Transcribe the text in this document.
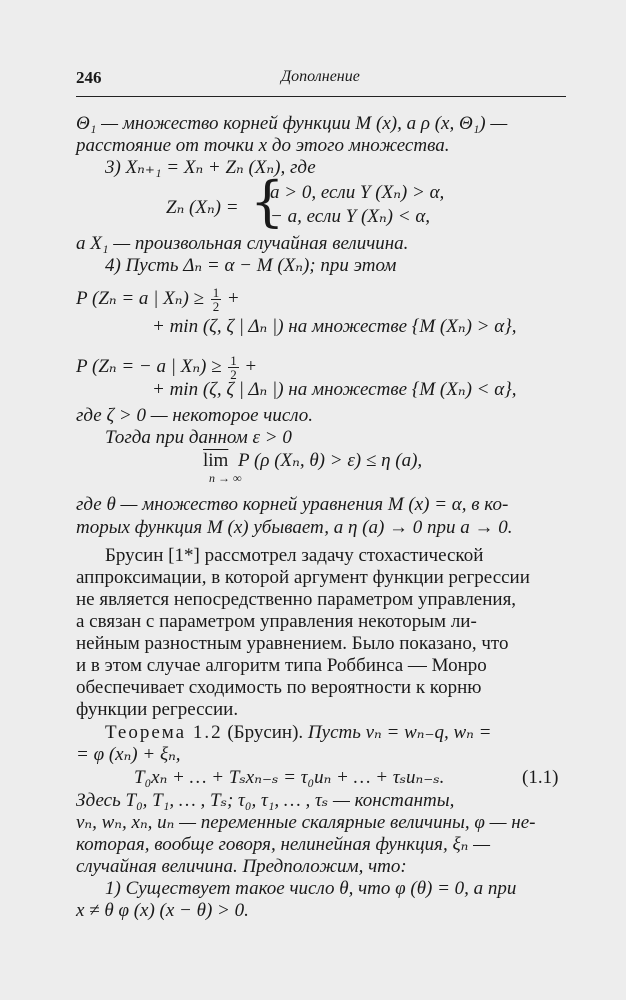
246	Дополнение
Θ₁ — множество корней функции M (x), а ρ (x, Θ₁) —
расстояние от точки x до этого множества.
3) Xₙ₊₁ = Xₙ + Zₙ (Xₙ), где
Zₙ (Xₙ) = {
a > 0, если Y (Xₙ) > α,
− a, если Y (Xₙ) < α,
а X₁ — произвольная случайная величина.
4) Пусть Δₙ = α − M (Xₙ); при этом
P (Zₙ = a | $X_n) \ge \frac{1}{2}$ +
+ min (ζ, ζ | Δₙ |) на множестве {M (Xₙ) > α},
P (Zₙ = − a | $X_n) \ge \frac{1}{2}$ +
+ min (ζ, ζ | Δₙ |) на множестве {M (Xₙ) < α},
где ζ > 0 — некоторое число.
Тогда при данном ε > 0
$\overline{lim}$
n → ∞
P (ρ (Xₙ, θ) > ε) ≤ η (a),
где θ — множество корней уравнения M (x) = α, в ко-
торых функция M (x) убывает, а η (a) → 0 при a → 0.
Брусин [1*] рассмотрел задачу стохастической
аппроксимации, в которой аргумент функции регрессии
не является непосредственно параметром управления,
а связан с параметром управления некоторым ли-
нейным разностным уравнением. Было показано, что
и в этом случае алгоритм типа Роббинса — Монро
обеспечивает сходимость по вероятности к корню
функции регрессии.
Теорема 1.2 (Брусин). Пусть vₙ = wₙ₋q, wₙ =
= φ (xₙ) + ξₙ,
T₀xₙ + … + Tₛxₙ₋ₛ = τ₀uₙ + … + τₛuₙ₋ₛ.	(1.1)
Здесь T₀, T₁, … , Tₛ; τ₀, τ₁, … , τₛ — константы,
vₙ, wₙ, xₙ, uₙ — переменные скалярные величины, φ — не-
которая, вообще говоря, нелинейная функция, ξₙ —
случайная величина. Предположим, что:
1) Существует такое число θ, что φ (θ) = 0, а при
x ≠ θ φ (x) (x − θ) > 0.
